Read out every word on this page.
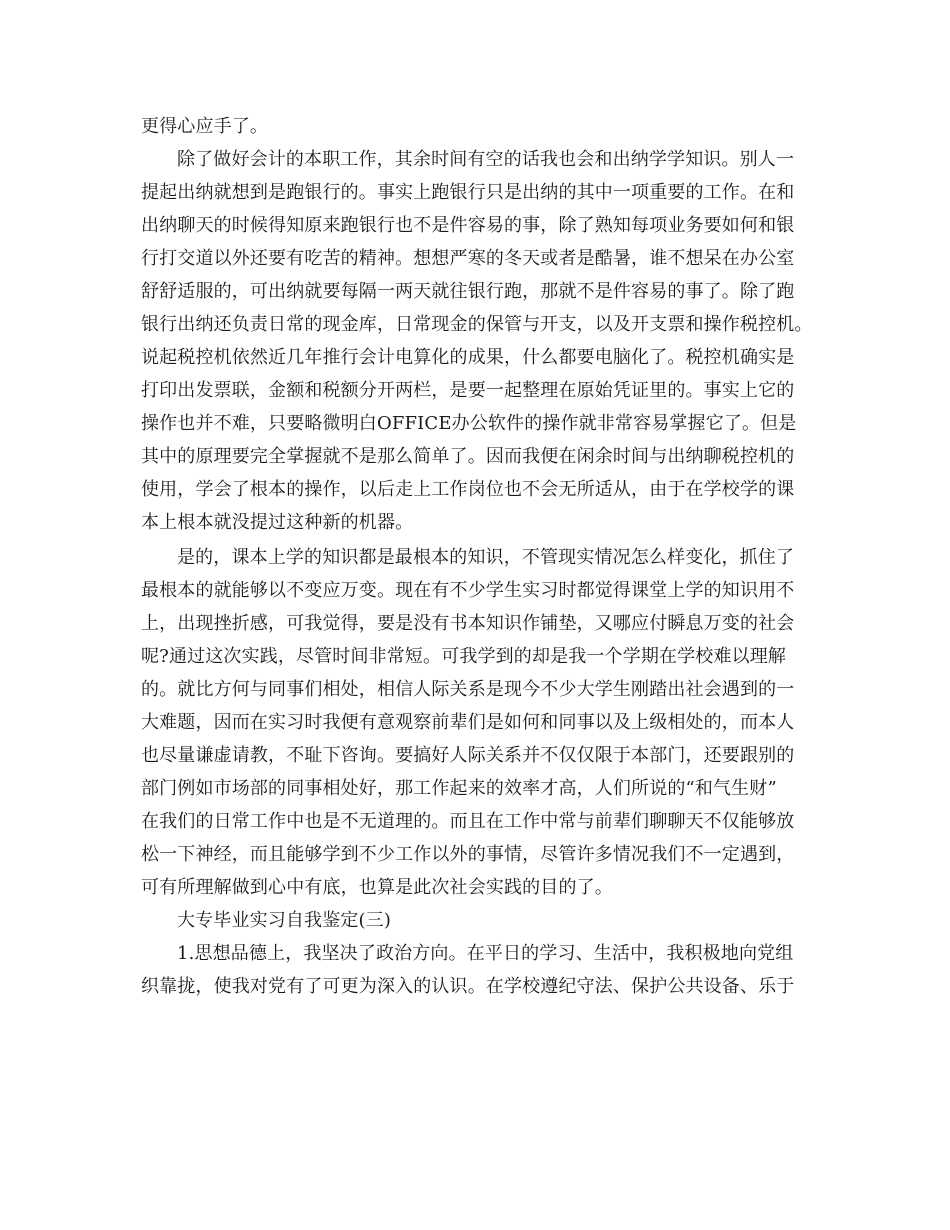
更得心应手了。
除了做好会计的本职工作，其余时间有空的话我也会和出纳学学知识。别人一
提起出纳就想到是跑银行的。事实上跑银行只是出纳的其中一项重要的工作。在和
出纳聊天的时候得知原来跑银行也不是件容易的事，除了熟知每项业务要如何和银
行打交道以外还要有吃苦的精神。想想严寒的冬天或者是酷暑，谁不想呆在办公室
舒舒适服的，可出纳就要每隔一两天就往银行跑，那就不是件容易的事了。除了跑
银行出纳还负责日常的现金库，日常现金的保管与开支，以及开支票和操作税控机。
说起税控机依然近几年推行会计电算化的成果，什么都要电脑化了。税控机确实是
打印出发票联，金额和税额分开两栏，是要一起整理在原始凭证里的。事实上它的
操作也并不难，只要略微明白OFFICE办公软件的操作就非常容易掌握它了。但是
其中的原理要完全掌握就不是那么简单了。因而我便在闲余时间与出纳聊税控机的
使用，学会了根本的操作，以后走上工作岗位也不会无所适从，由于在学校学的课
本上根本就没提过这种新的机器。
是的，课本上学的知识都是最根本的知识，不管现实情况怎么样变化，抓住了
最根本的就能够以不变应万变。现在有不少学生实习时都觉得课堂上学的知识用不
上，出现挫折感，可我觉得，要是没有书本知识作铺垫，又哪应付瞬息万变的社会
呢?通过这次实践，尽管时间非常短。可我学到的却是我一个学期在学校难以理解
的。就比方何与同事们相处，相信人际关系是现今不少大学生刚踏出社会遇到的一
大难题，因而在实习时我便有意观察前辈们是如何和同事以及上级相处的，而本人
也尽量谦虚请教，不耻下咨询。要搞好人际关系并不仅仅限于本部门，还要跟别的
部门例如市场部的同事相处好，那工作起来的效率才高，人们所说的“和气生财”
在我们的日常工作中也是不无道理的。而且在工作中常与前辈们聊聊天不仅能够放
松一下神经，而且能够学到不少工作以外的事情，尽管许多情况我们不一定遇到，
可有所理解做到心中有底，也算是此次社会实践的目的了。
大专毕业实习自我鉴定(三)
1.思想品德上，我坚决了政治方向。在平日的学习、生活中，我积极地向党组
织靠拢，使我对党有了可更为深入的认识。在学校遵纪守法、保护公共设备、乐于
